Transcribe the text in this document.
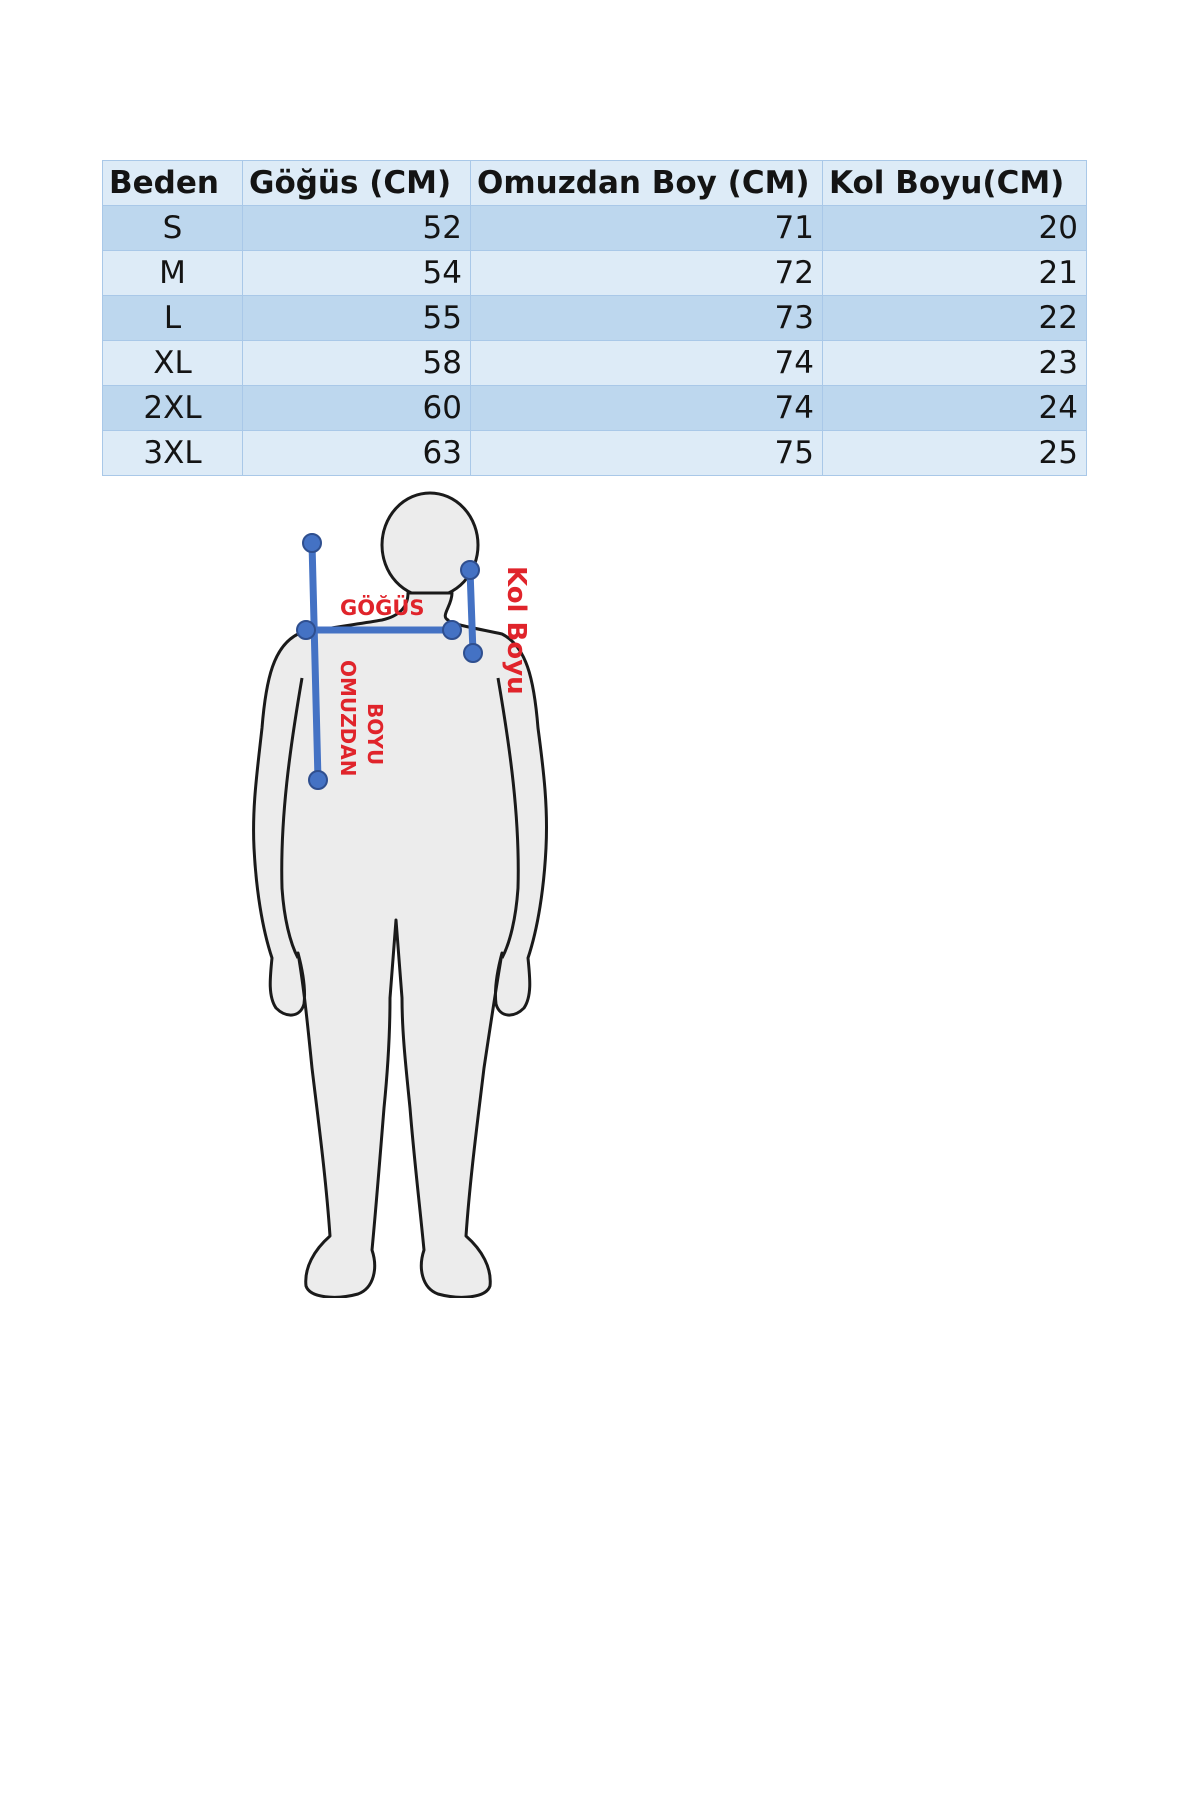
Beden	Göğüs (CM)	Omuzdan Boy (CM)	Kol Boyu(CM)
S	52	71	20
M	54	72	21
L	55	73	22
XL	58	74	23
2XL	60	74	24
3XL	63	75	25
GÖĞÜS
OMUZDAN BOYU
Kol Boyu
